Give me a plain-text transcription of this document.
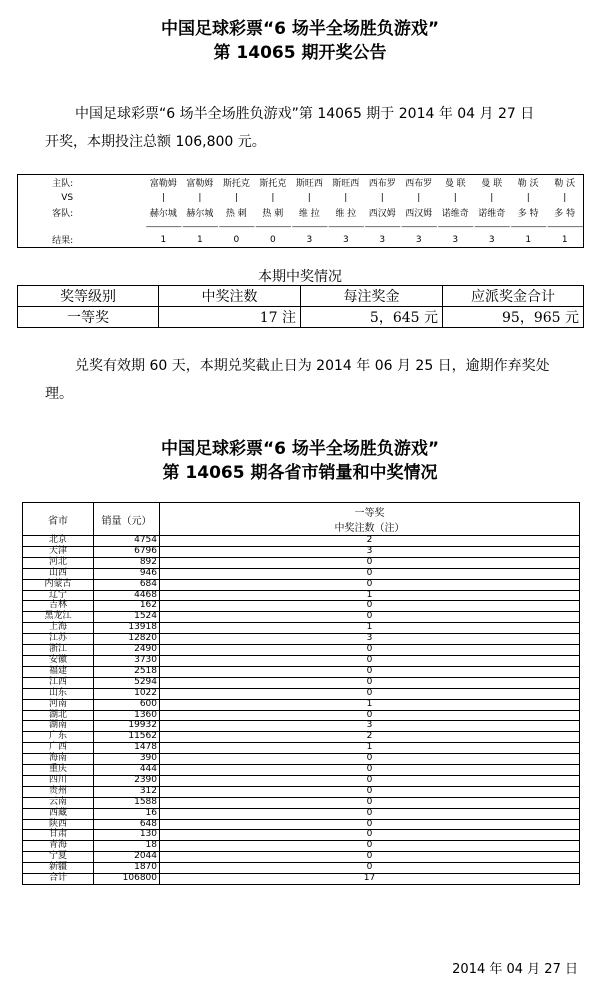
中国足球彩票“6 场半全场胜负游戏”
第 14065 期开奖公告
中国足球彩票“6 场半全场胜负游戏”第 14065 期于 2014 年 04 月 27 日
开奖，本期投注总额 106,800 元。
主队:	富勒姆	富勒姆	斯托克	斯托克	斯旺西	斯旺西	西布罗	西布罗	曼 联	曼 联	勒 沃	勒 沃
VS	|	|	|	|	|	|	|	|	|	|	|	|
客队:	赫尔城	赫尔城	热 刺	热 刺	维 拉	维 拉	西汉姆	西汉姆	诺维奇	诺维奇	多 特	多 特
	—————	—————	—————	—————	—————	—————	—————	—————	—————	—————	—————	—————
结果:	1	1	0	0	3	3	3	3	3	3	1	1
本期中奖情况
奖等级别	中奖注数	每注奖金	应派奖金合计
一等奖	17 注	5，645 元	95，965 元
兑奖有效期 60 天，本期兑奖截止日为 2014 年 06 月 25 日，逾期作弃奖处
理。
中国足球彩票“6 场半全场胜负游戏”
第 14065 期各省市销量和中奖情况
省市	销量（元）	一等奖
中奖注数（注）

北京	4754	2
天津	6796	3
河北	892	0
山西	946	0
内蒙古	684	0
辽宁	4468	1
吉林	162	0
黑龙江	1524	0
上海	13918	1
江苏	12820	3
浙江	2490	0
安徽	3730	0
福建	2518	0
江西	5294	0
山东	1022	0
河南	600	1
湖北	1360	0
湖南	19932	3
广东	11562	2
广西	1478	1
海南	390	0
重庆	444	0
四川	2390	0
贵州	312	0
云南	1588	0
西藏	16	0
陕西	648	0
甘肃	130	0
青海	18	0
宁夏	2044	0
新疆	1870	0
合计	106800	17
2014 年 04 月 27 日
